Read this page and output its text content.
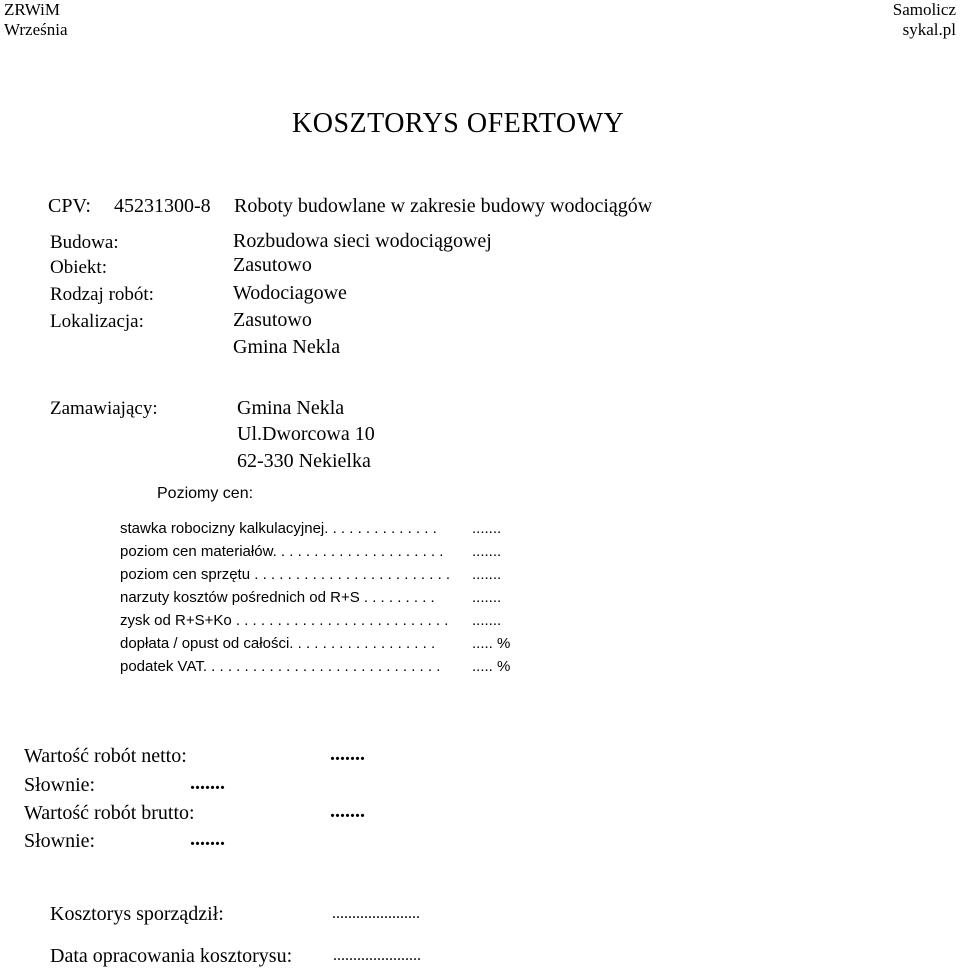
ZRWiM
Września
Samolicz
sykal.pl
KOSZTORYS OFERTOWY
CPV: 45231300-8 Roboty budowlane w zakresie budowy wodociągów
Budowa:	Rozbudowa sieci wodociągowej
Obiekt:	Zasutowo
Rodzaj robót:	Wodociagowe
Lokalizacja:	Zasutowo
Gmina Nekla
Zamawiający:	Gmina Nekla
Ul.Dworcowa 10
62-330 Nekielka
Poziomy cen:
stawka robocizny kalkulacyjnej. . . . . . . . . . . . . . .......
poziom cen materiałów. . . . . . . . . . . . . . . . . . . . . .......
poziom cen sprzętu . . . . . . . . . . . . . . . . . . . . . . . . .......
narzuty kosztów pośrednich od R+S . . . . . . . . . .......
zysk od R+S+Ko . . . . . . . . . . . . . . . . . . . . . . . . . . .......
dopłata / opust od całości. . . . . . . . . . . . . . . . . . ..... %
podatek VAT. . . . . . . . . . . . . . . . . . . . . . . . . . . . . ..... %
Wartość robót netto:	.......
Słownie:	.......
Wartość robót brutto:	.......
Słownie:	.......
Kosztorys sporządził:	......................
Data opracowania kosztorysu:	......................
